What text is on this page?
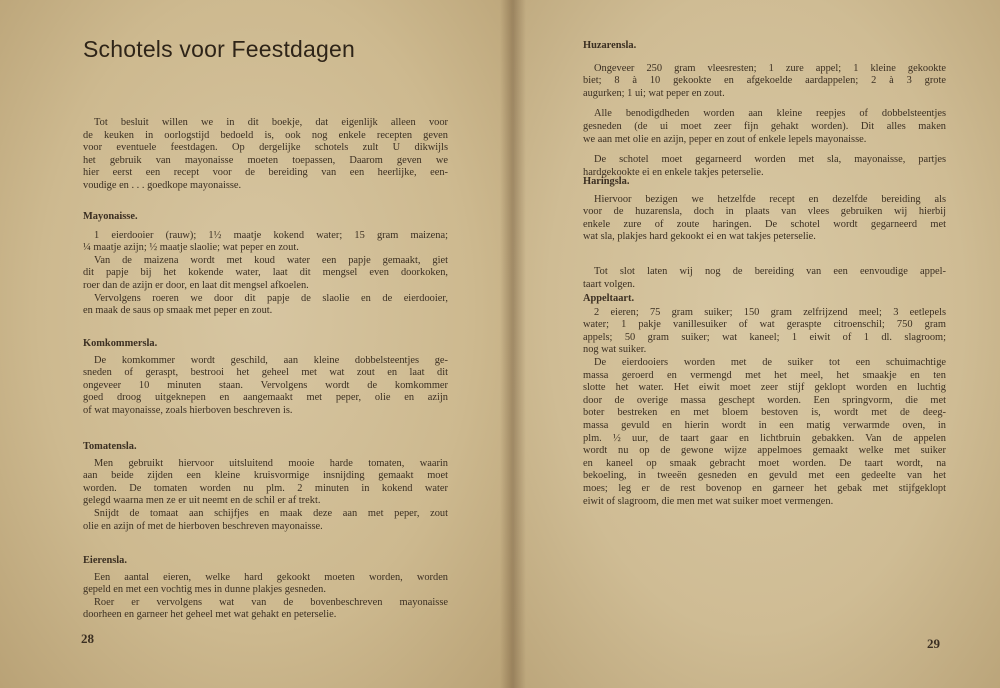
Schotels voor Feestdagen
28
Tot besluit willen we in dit boekje, dat eigenlijk alleen voor
de keuken in oorlogstijd bedoeld is, ook nog enkele recepten geven
voor eventuele feestdagen. Op dergelijke schotels zult U dikwijls
het gebruik van mayonaisse moeten toepassen, Daarom geven we
hier eerst een recept voor de bereiding van een heerlijke, een-
voudige en . . . goedkope mayonaisse.
Mayonaisse.
1 eierdooier (rauw); 1½ maatje kokend water; 15 gram maizena;
¼ maatje azijn; ½ maatje slaolie; wat peper en zout.
Van de maizena wordt met koud water een papje gemaakt, giet
dit papje bij het kokende water, laat dit mengsel even doorkoken,
roer dan de azijn er door, en laat dit mengsel afkoelen.
Vervolgens roeren we door dit papje de slaolie en de eierdooier,
en maak de saus op smaak met peper en zout.
Komkommersla.
De komkommer wordt geschild, aan kleine dobbelsteentjes ge-
sneden of geraspt, bestrooi het geheel met wat zout en laat dit
ongeveer 10 minuten staan. Vervolgens wordt de komkommer
goed droog uitgeknepen en aangemaakt met peper, olie en azijn
of wat mayonaisse, zoals hierboven beschreven is.
Tomatensla.
Men gebruikt hiervoor uitsluitend mooie harde tomaten, waarin
aan beide zijden een kleine kruisvormige insnijding gemaakt moet
worden. De tomaten worden nu plm. 2 minuten in kokend water
gelegd waarna men ze er uit neemt en de schil er af trekt.
Snijdt de tomaat aan schijfjes en maak deze aan met peper, zout
olie en azijn of met de hierboven beschreven mayonaisse.
Eierensla.
Een aantal eieren, welke hard gekookt moeten worden, worden
gepeld en met een vochtig mes in dunne plakjes gesneden.
Roer er vervolgens wat van de bovenbeschreven mayonaisse
doorheen en garneer het geheel met wat gehakt en peterselie.
29
Huzarensla.
Ongeveer 250 gram vleesresten; 1 zure appel; 1 kleine gekookte
biet; 8 à 10 gekookte en afgekoelde aardappelen; 2 à 3 grote
augurken; 1 ui; wat peper en zout.
Alle benodigdheden worden aan kleine reepjes of dobbelsteentjes
gesneden (de ui moet zeer fijn gehakt worden). Dit alles maken
we aan met olie en azijn, peper en zout of enkele lepels mayonaisse.
De schotel moet gegarneerd worden met sla, mayonaisse, partjes
hardgekookte ei en enkele takjes peterselie.
Haringsla.
Hiervoor bezigen we hetzelfde recept en dezelfde bereiding als
voor de huzarensla, doch in plaats van vlees gebruiken wij hierbij
enkele zure of zoute haringen. De schotel wordt gegarneerd met
wat sla, plakjes hard gekookt ei en wat takjes peterselie.
Tot slot laten wij nog de bereiding van een eenvoudige appel-
taart volgen.
Appeltaart.
2 eieren; 75 gram suiker; 150 gram zelfrijzend meel; 3 eetlepels
water; 1 pakje vanillesuiker of wat geraspte citroenschil; 750 gram
appels; 50 gram suiker; wat kaneel; 1 eiwit of 1 dl. slagroom;
nog wat suiker.
De eierdooiers worden met de suiker tot een schuimachtige
massa geroerd en vermengd met het meel, het smaakje en ten
slotte het water. Het eiwit moet zeer stijf geklopt worden en luchtig
door de overige massa geschept worden. Een springvorm, die met
boter bestreken en met bloem bestoven is, wordt met de deeg-
massa gevuld en hierin wordt in een matig verwarmde oven, in
plm. ½ uur, de taart gaar en lichtbruin gebakken. Van de appelen
wordt nu op de gewone wijze appelmoes gemaakt welke met suiker
en kaneel op smaak gebracht moet worden. De taart wordt, na
bekoeling, in tweeën gesneden en gevuld met een gedeelte van het
moes; leg er de rest bovenop en garneer het gebak met stijfgeklopt
eiwit of slagroom, die men met wat suiker moet vermengen.
